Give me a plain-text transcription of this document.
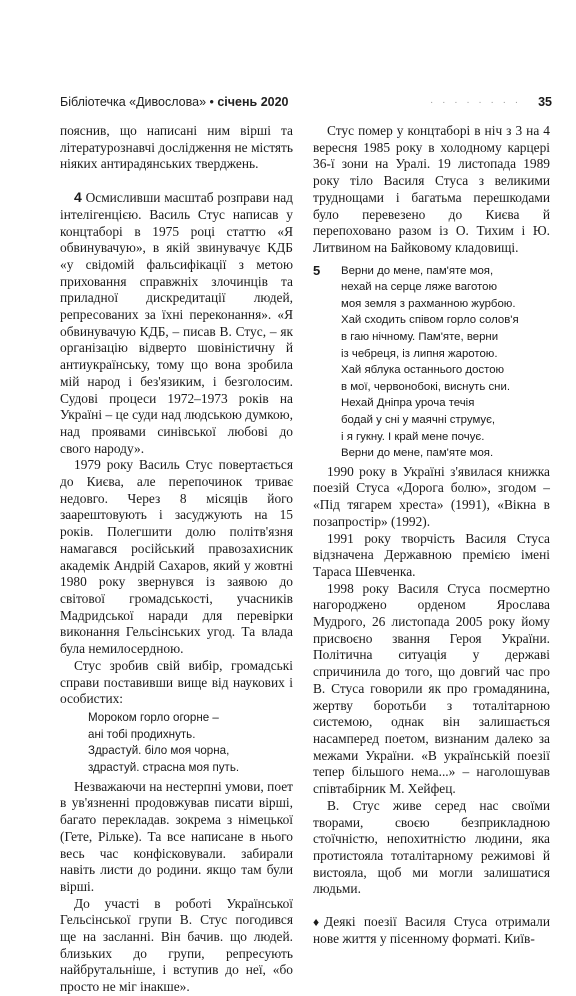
Бібліотечка «Дивослова» • січень 2020	· · · · · · · · 35

пояснив, що написані ним вірші та літературознавчі дослідження не містять ніяких антирадянських тверджень.

4 Осмисливши масштаб розправи над інтелігенцією. Василь Стус написав у концтаборі в 1975 році статтю «Я обвинувачую», в якій звинувачує КДБ «у свідомій фальсифікації з метою приховання справжніх злочинців та приладної дискредитації людей, репресованих за їхні переконання». «Я обвинувачую КДБ, – писав В. Стус, – як організацію відверто шовіністичну й антиукраїнську, тому що вона зробила мій народ і без'язиким, і безголосим. Судові процеси 1972–1973 років на Україні – це суди над людською думкою, над проявами синівської любові до свого народу».

1979 року Василь Стус повертається до Києва, але перепочинок триває недовго. Через 8 місяців його заарештовують і засуджують на 15 років. Полегшити долю політв'язня намагався російський правозахисник академік Андрій Сахаров, який у жовтні 1980 року звернувся із заявою до світової громадськості, учасників Мадридської наради для перевірки виконання Гельсінських угод. Та влада була немилосердною.

Стус зробив свій вибір, громадські справи поставивши вище від наукових і особистих:

Мороком горло огорне –
ані тобі продихнуть.
Здрастуй. біло моя чорна,
здрастуй. страсна моя путь.

Незважаючи на нестерпні умови, поет в ув'язненні продовжував писати вірші, багато перекладав. зокрема з німецької (Гете, Рільке). Та все написане в нього весь час конфісковували. забирали навіть листи до родини. якщо там були вірші.

До участі в роботі Української Гельсінської групи В. Стус погодився ще на засланні. Він бачив. що людей. близьких до групи, репресують найбрутальніше, і вступив до неї, «бо просто не міг інакше».

Стус помер у концтаборі в ніч з 3 на 4 вересня 1985 року в холодному карцері 36-ї зони на Уралі. 19 листопада 1989 року тіло Василя Стуса з великими труднощами і багатьма перешкодами було перевезено до Києва й перепоховано разом із О. Тихим і Ю. Литвином на Байковому кладовищі.

5 Верни до мене, пам'яте моя,
нехай на серце ляже ваготою
моя земля з рахманною журбою.
Хай сходить співом горло солов'я
в гаю нічному. Пам'яте, верни
із чебреця, із липня жаротою.
Хай яблука останнього достою
в мої, червонобокі, виснуть сни.
Нехай Дніпра уроча течія
бодай у сні у маячні струмує,
і я гукну. І край мене почує.
Верни до мене, пам'яте моя.

1990 року в Україні з'явилася книжка поезій Стуса «Дорога болю», згодом – «Під тягарем хреста» (1991), «Вікна в позапростір» (1992).

1991 року творчість Василя Стуса відзначена Державною премією імені Тараса Шевченка.

1998 року Василя Стуса посмертно нагороджено орденом Ярослава Мудрого, 26 листопада 2005 року йому присвоєно звання Героя України. Політична ситуація у державі спричинила до того, що довгий час про В. Стуса говорили як про громадянина, жертву боротьби з тоталітарною системою, однак він залишається насамперед поетом, визнаним далеко за межами України. «В українській поезії тепер більшого нема...» – наголошував співтабірник М. Хейфец.

В. Стус живе серед нас своїми творами, своєю безприкладною стоїчністю, непохитністю людини, яка протистояла тоталітарному режимові й вистояла, щоб ми могли залишатися людьми.

♦Деякі поезії Василя Стуса отримали нове життя у пісенному форматі. Київ-
